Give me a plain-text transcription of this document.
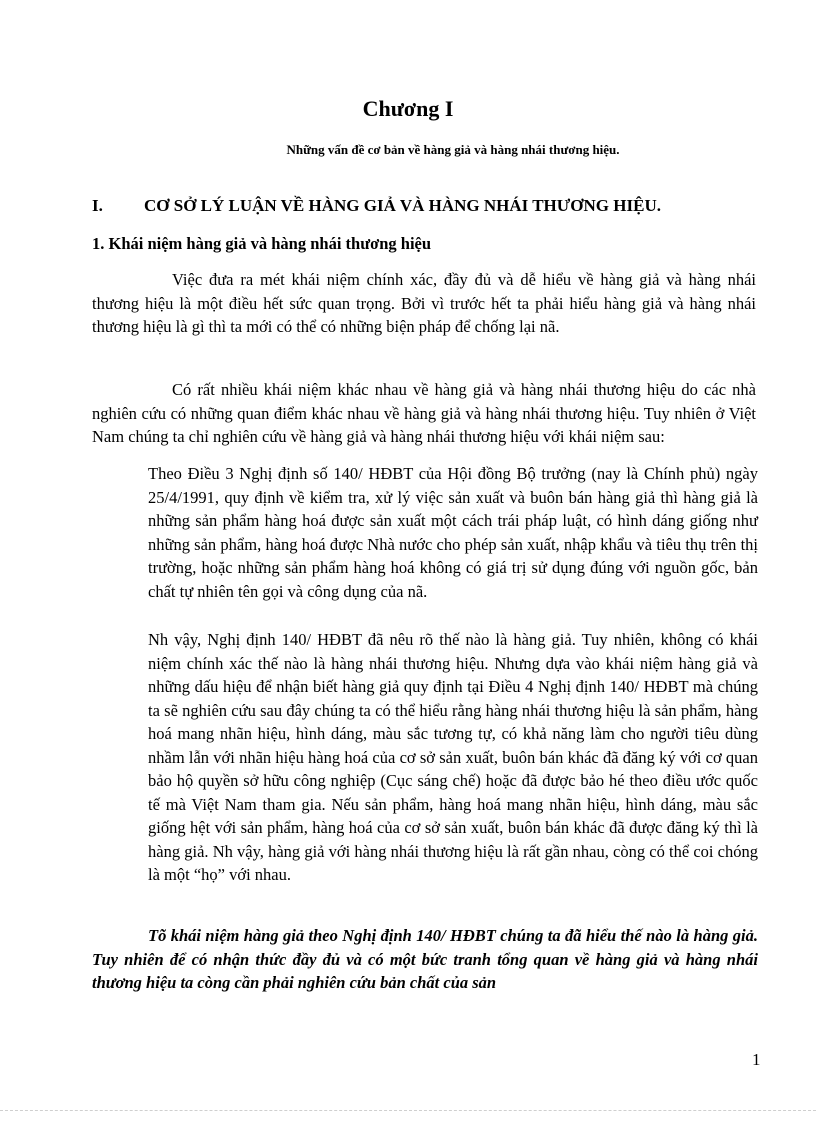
Chương I
Những vấn đề cơ bản về hàng giả và hàng nhái thương hiệu.
I. CƠ SỞ LÝ LUẬN VỀ HÀNG GIẢ VÀ HÀNG NHÁI THƯƠNG HIỆU.
1. Khái niệm hàng giả và hàng nhái thương hiệu

Việc đưa ra mét khái niệm chính xác, đầy đủ và dễ hiểu về hàng giả và hàng nhái thương hiệu là một điều hết sức quan trọng. Bởi vì trước hết ta phải hiểu hàng giả và hàng nhái thương hiệu là gì thì ta mới có thể có những biện pháp để chống lại nã.

Có rất nhiều khái niệm khác nhau về hàng giả và hàng nhái thương hiệu do các nhà nghiên cứu có những quan điểm khác nhau về hàng giả và hàng nhái thương hiệu. Tuy nhiên ở Việt Nam chúng ta chỉ nghiên cứu về hàng giả và hàng nhái thương hiệu với khái niệm sau:

Theo Điều 3 Nghị định số 140/ HĐBT của Hội đồng Bộ trưởng (nay là Chính phủ) ngày 25/4/1991, quy định về kiểm tra, xử lý việc sản xuất và buôn bán hàng giả thì hàng giả là những sản phẩm hàng hoá được sản xuất một cách trái pháp luật, có hình dáng giống như những sản phẩm, hàng hoá được Nhà nước cho phép sản xuất, nhập khẩu và tiêu thụ trên thị trường, hoặc những sản phẩm hàng hoá không có giá trị sử dụng đúng với nguồn gốc, bản chất tự nhiên tên gọi và công dụng của nã.

Nh vậy, Nghị định 140/ HĐBT đã nêu rõ thế nào là hàng giả. Tuy nhiên, không có khái niệm chính xác thế nào là hàng nhái thương hiệu. Nhưng dựa vào khái niệm hàng giả và những dấu hiệu để nhận biết hàng giả quy định tại Điều 4 Nghị định 140/ HĐBT mà chúng ta sẽ nghiên cứu sau đây chúng ta có thể hiểu rằng hàng nhái thương hiệu là sản phẩm, hàng hoá mang nhãn hiệu, hình dáng, màu sắc tương tự, có khả năng làm cho người tiêu dùng nhầm lẫn với nhãn hiệu hàng hoá của cơ sở sản xuất, buôn bán khác đã đăng ký với cơ quan bảo hộ quyền sở hữu công nghiệp (Cục sáng chế) hoặc đã được bảo hé theo điều ước quốc tế mà Việt Nam tham gia. Nếu sản phẩm, hàng hoá mang nhãn hiệu, hình dáng, màu sắc giống hệt với sản phẩm, hàng hoá của cơ sở sản xuất, buôn bán khác đã được đăng ký thì là hàng giả. Nh vậy, hàng giả với hàng nhái thương hiệu là rất gần nhau, còng có thể coi chóng là một “họ” với nhau.

Tõ khái niệm hàng giả theo Nghị định 140/ HĐBT chúng ta đã hiểu thế nào là hàng giả. Tuy nhiên để có nhận thức đầy đủ và có một bức tranh tổng quan về hàng giả và hàng nhái thương hiệu ta còng cần phải nghiên cứu bản chất của sản

1
